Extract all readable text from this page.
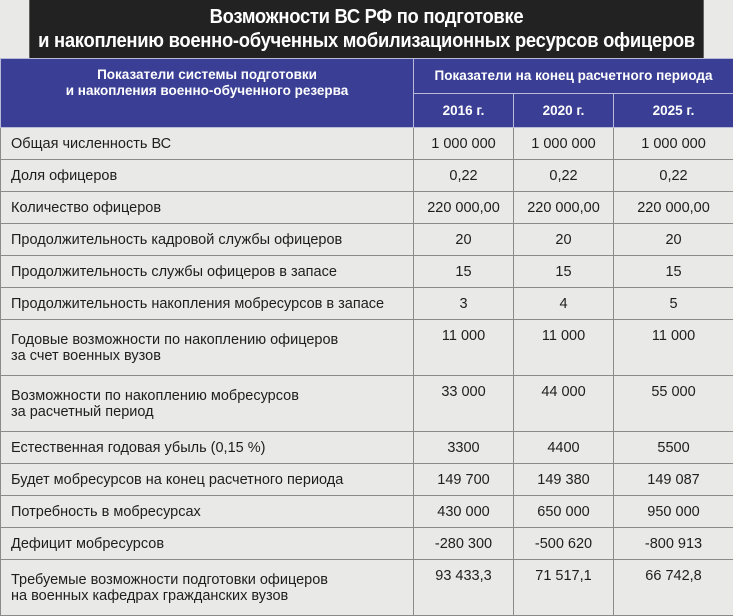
Возможности ВС РФ по подготовке
и накоплению военно-обученных мобилизационных ресурсов офицеров
Показатели системы подготовки
и накопления военно-обученного резерва	Показатели на конец расчетного периода		
	2016 г.	2020 г.	2025 г.

Общая численность ВС	1 000 000	1 000 000	1 000 000

Доля офицеров	0,22	0,22	0,22

Количество офицеров	220 000,00	220 000,00	220 000,00

Продолжительность кадровой службы офицеров	20	20	20

Продолжительность службы офицеров в запасе	15	15	15

Продолжительность накопления мобресурсов в запасе	3	4	5

Годовые возможности по накоплению офицеров
за счет военных вузов	11 000	11 000	11 000

Возможности по накоплению мобресурсов
за расчетный период	33 000	44 000	55 000

Естественная годовая убыль (0,15 %)	3300	4400	5500

Будет мобресурсов на конец расчетного периода	149 700	149 380	149 087

Потребность в мобресурсах	430 000	650 000	950 000

Дефицит мобресурсов	-280 300	-500 620	-800 913

Требуемые возможности подготовки офицеров
на военных кафедрах гражданских вузов	93 433,3	71 517,1	66 742,8
